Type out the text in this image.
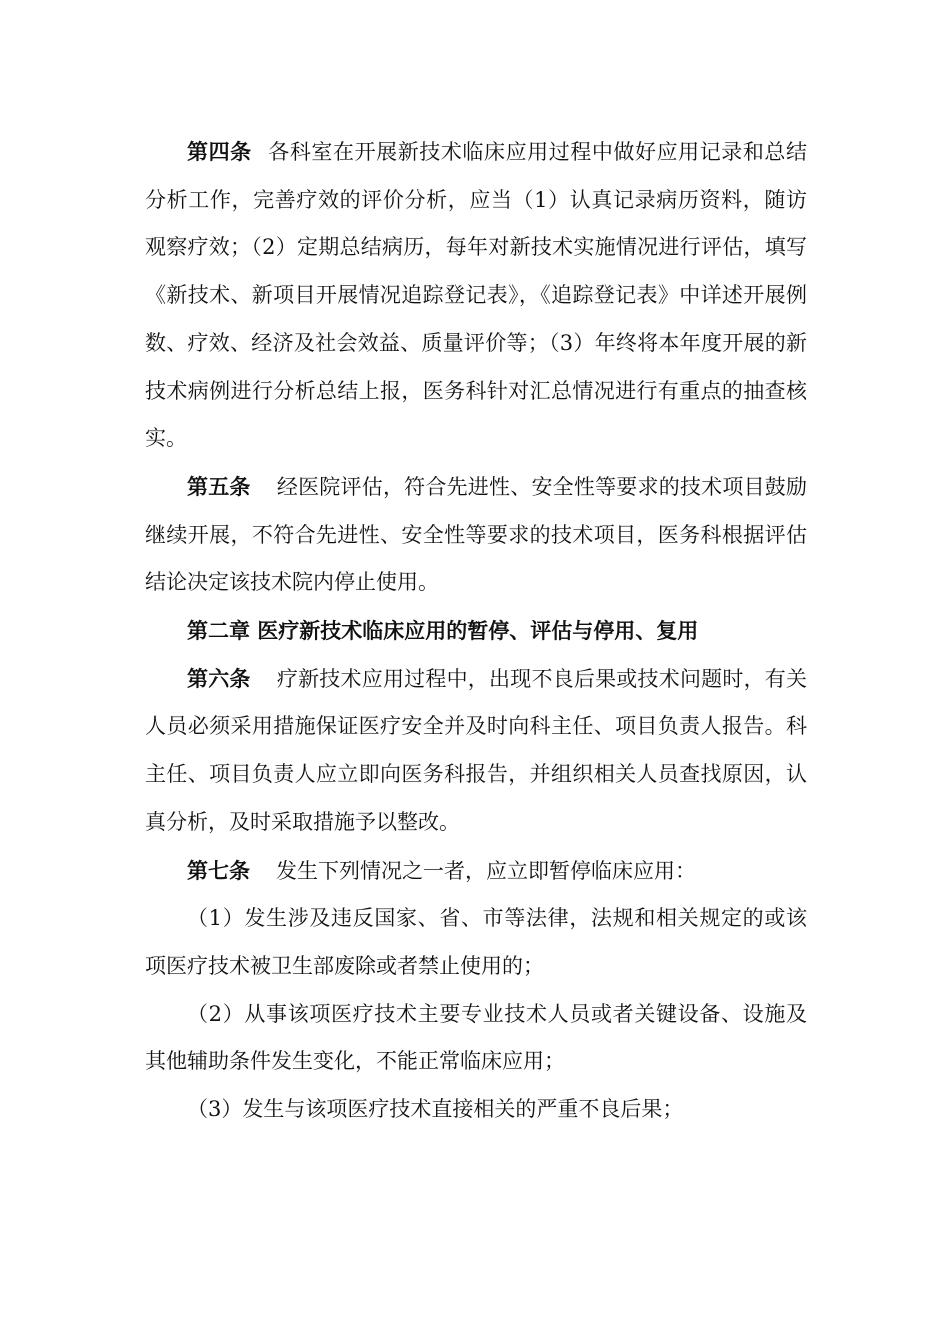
第四条 各科室在开展新技术临床应用过程中做好应用记录和总结分析工作，完善疗效的评价分析，应当（1）认真记录病历资料，随访观察疗效；（2）定期总结病历，每年对新技术实施情况进行评估，填写《新技术、新项目开展情况追踪登记表》，《追踪登记表》中详述开展例数、疗效、经济及社会效益、质量评价等；（3）年终将本年度开展的新技术病例进行分析总结上报，医务科针对汇总情况进行有重点的抽查核实。

第五条 经医院评估，符合先进性、安全性等要求的技术项目鼓励继续开展，不符合先进性、安全性等要求的技术项目，医务科根据评估结论决定该技术院内停止使用。

第二章 医疗新技术临床应用的暂停、评估与停用、复用

第六条 疗新技术应用过程中，出现不良后果或技术问题时，有关人员必须采用措施保证医疗安全并及时向科主任、项目负责人报告。科主任、项目负责人应立即向医务科报告，并组织相关人员查找原因，认真分析，及时采取措施予以整改。

第七条 发生下列情况之一者，应立即暂停临床应用：

（1）发生涉及违反国家、省、市等法律，法规和相关规定的或该项医疗技术被卫生部废除或者禁止使用的；

（2）从事该项医疗技术主要专业技术人员或者关键设备、设施及其他辅助条件发生变化，不能正常临床应用；

（3）发生与该项医疗技术直接相关的严重不良后果；
